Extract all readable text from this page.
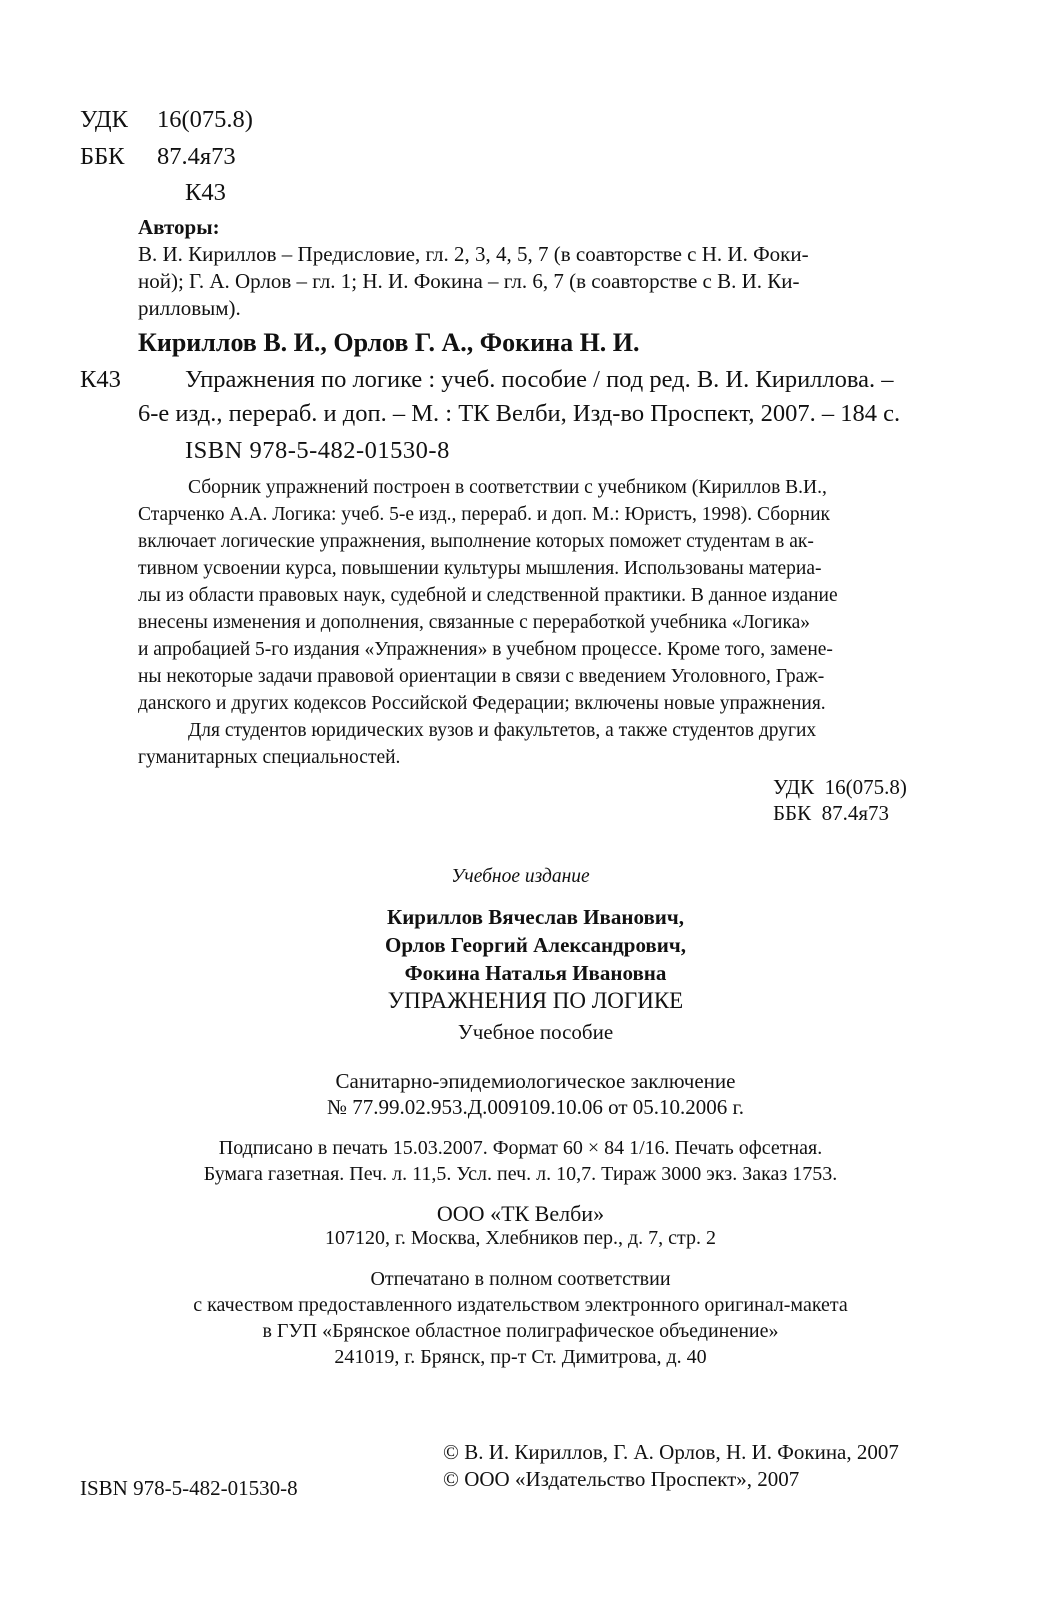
УДК 16(075.8)
ББК 87.4я73
К43
Авторы:
В. И. Кириллов – Предисловие, гл. 2, 3, 4, 5, 7 (в соавторстве с Н. И. Фоки-
ной); Г. А. Орлов – гл. 1; Н. И. Фокина – гл. 6, 7 (в соавторстве с В. И. Ки-
рилловым).
Кириллов В. И., Орлов Г. А., Фокина Н. И.
К43	Упражнения по логике : учеб. пособие / под ред. В. И. Кириллова. –
6-е изд., перераб. и доп. – М. : ТК Велби, Изд-во Проспект, 2007. – 184 с.
ISBN 978-5-482-01530-8
Сборник упражнений построен в соответствии с учебником (Кириллов В.И.,
Старченко А.А. Логика: учеб. 5-е изд., перераб. и доп. М.: Юристъ, 1998). Сборник
включает логические упражнения, выполнение которых поможет студентам в ак-
тивном усвоении курса, повышении культуры мышления. Использованы материа-
лы из области правовых наук, судебной и следственной практики. В данное издание
внесены изменения и дополнения, связанные с переработкой учебника «Логика»
и апробацией 5-го издания «Упражнения» в учебном процессе. Кроме того, замене-
ны некоторые задачи правовой ориентации в связи с введением Уголовного, Граж-
данского и других кодексов Российской Федерации; включены новые упражнения.
Для студентов юридических вузов и факультетов, а также студентов других
гуманитарных специальностей.
УДК  16(075.8)
ББК  87.4я73
Учебное издание
Кириллов Вячеслав Иванович,
Орлов Георгий Александрович,
Фокина Наталья Ивановна
УПРАЖНЕНИЯ ПО ЛОГИКЕ
Учебное пособие
Санитарно-эпидемиологическое заключение
№ 77.99.02.953.Д.009109.10.06 от 05.10.2006 г.
Подписано в печать 15.03.2007. Формат 60 × 84 1/16. Печать офсетная.
Бумага газетная. Печ. л. 11,5. Усл. печ. л. 10,7. Тираж 3000 экз. Заказ 1753.
ООО «ТК Велби»
107120, г. Москва, Хлебников пер., д. 7, стр. 2
Отпечатано в полном соответствии
с качеством предоставленного издательством электронного оригинал-макета
в ГУП «Брянское областное полиграфическое объединение»
241019, г. Брянск, пр-т Ст. Димитрова, д. 40
ISBN 978-5-482-01530-8
© В. И. Кириллов, Г. А. Орлов, Н. И. Фокина, 2007
© ООО «Издательство Проспект», 2007
